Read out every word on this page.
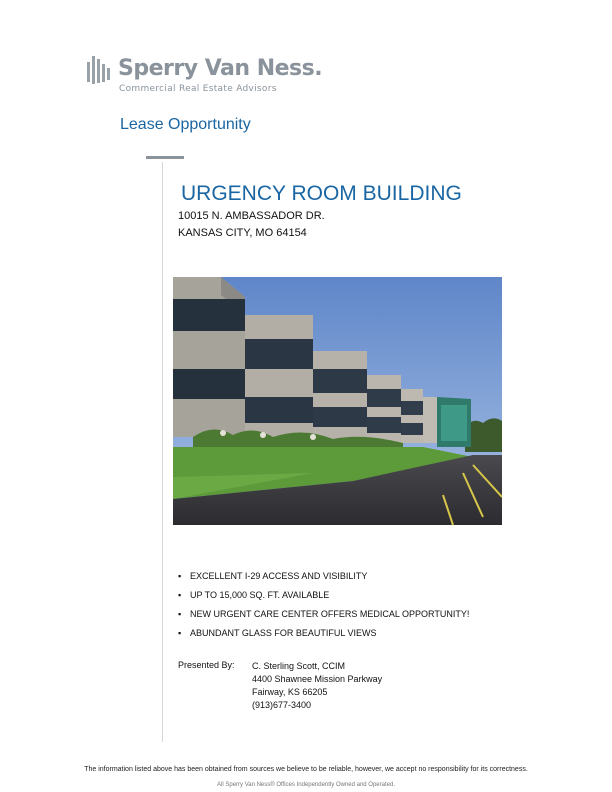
Sperry Van Ness.
Commercial Real Estate Advisors
Lease Opportunity
URGENCY ROOM BUILDING
10015 N. AMBASSADOR DR.
KANSAS CITY, MO 64154
▪ EXCELLENT I-29 ACCESS AND VISIBILITY
▪ UP TO 15,000 SQ. FT. AVAILABLE
▪ NEW URGENT CARE CENTER OFFERS MEDICAL OPPORTUNITY!
▪ ABUNDANT GLASS FOR BEAUTIFUL VIEWS
Presented By: C. Sterling Scott, CCIM
4400 Shawnee Mission Parkway
Fairway, KS 66205
(913)677-3400
The information listed above has been obtained from sources we believe to be reliable, however, we accept no responsibility for its correctness.
All Sperry Van Ness® Offices Independently Owned and Operated.
